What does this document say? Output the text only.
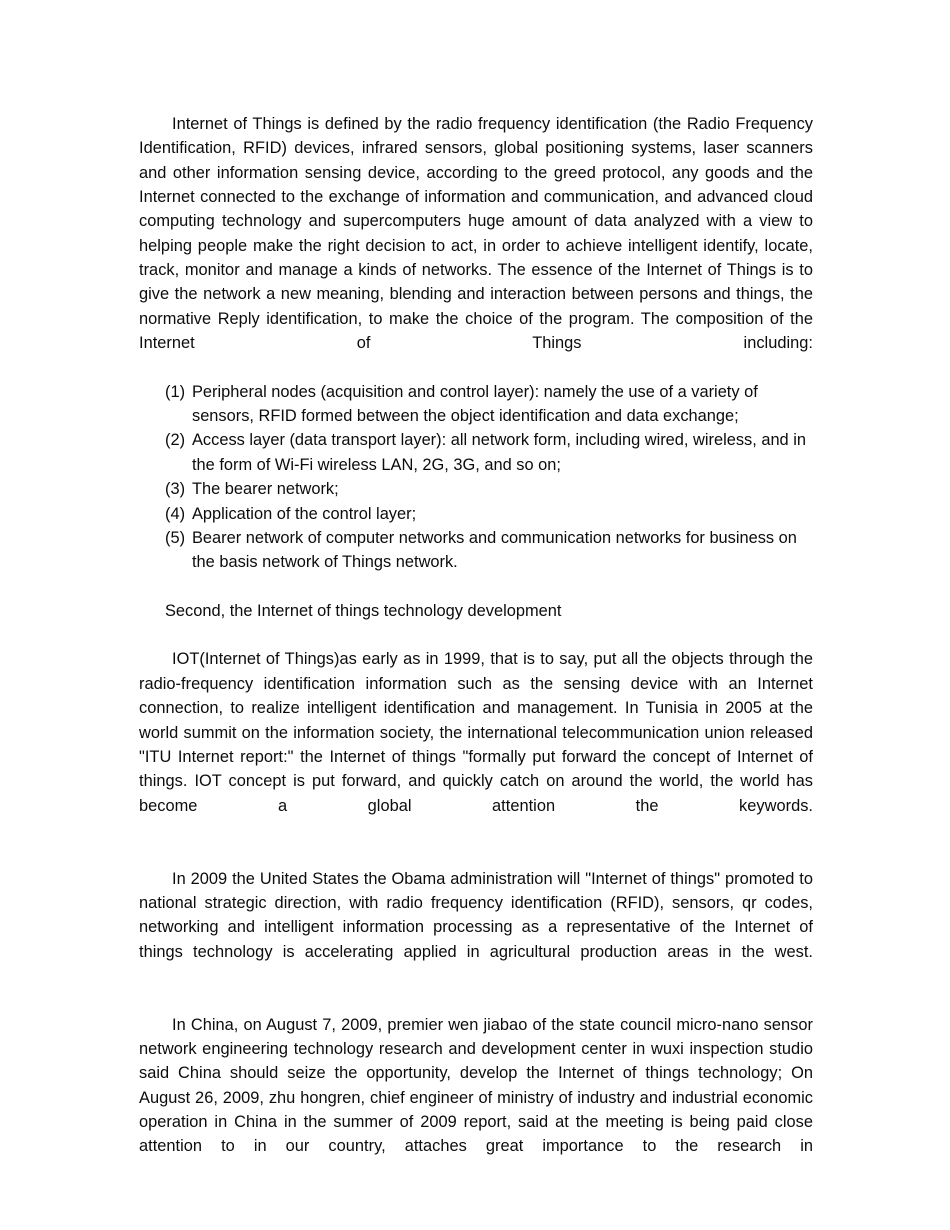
Internet of Things is defined by the radio frequency identification (the Radio Frequency Identification, RFID) devices, infrared sensors, global positioning systems, laser scanners and other information sensing device, according to the greed protocol, any goods and the Internet connected to the exchange of information and communication, and advanced cloud computing technology and supercomputers huge amount of data analyzed with a view to helping people make the right decision to act, in order to achieve intelligent identify, locate, track, monitor and manage a kinds of networks. The essence of the Internet of Things is to give the network a new meaning, blending and interaction between persons and things, the normative Reply identification, to make the choice of the program. The composition of the Internet of Things including:

(1) Peripheral nodes (acquisition and control layer): namely the use of a variety of sensors, RFID formed between the object identification and data exchange;
(2) Access layer (data transport layer): all network form, including wired, wireless, and in the form of Wi-Fi wireless LAN, 2G, 3G, and so on;
(3) The bearer network;
(4) Application of the control layer;
(5) Bearer network of computer networks and communication networks for business on the basis network of Things network.

Second, the Internet of things technology development

IOT(Internet of Things)as early as in 1999, that is to say, put all the objects through the radio-frequency identification information such as the sensing device with an Internet connection, to realize intelligent identification and management. In Tunisia in 2005 at the world summit on the information society, the international telecommunication union released "ITU Internet report:" the Internet of things "formally put forward the concept of Internet of things. IOT concept is put forward, and quickly catch on around the world, the world has become a global attention the keywords.

In 2009 the United States the Obama administration will "Internet of things" promoted to national strategic direction, with radio frequency identification (RFID), sensors, qr codes, networking and intelligent information processing as a representative of the Internet of things technology is accelerating applied in agricultural production areas in the west.

In China, on August 7, 2009, premier wen jiabao of the state council micro-nano sensor network engineering technology research and development center in wuxi inspection studio said China should seize the opportunity, develop the Internet of things technology; On August 26, 2009, zhu hongren, chief engineer of ministry of industry and industrial economic operation in China in the summer of 2009 report, said at the meeting is being paid close attention to in our country, attaches great importance to the research in
